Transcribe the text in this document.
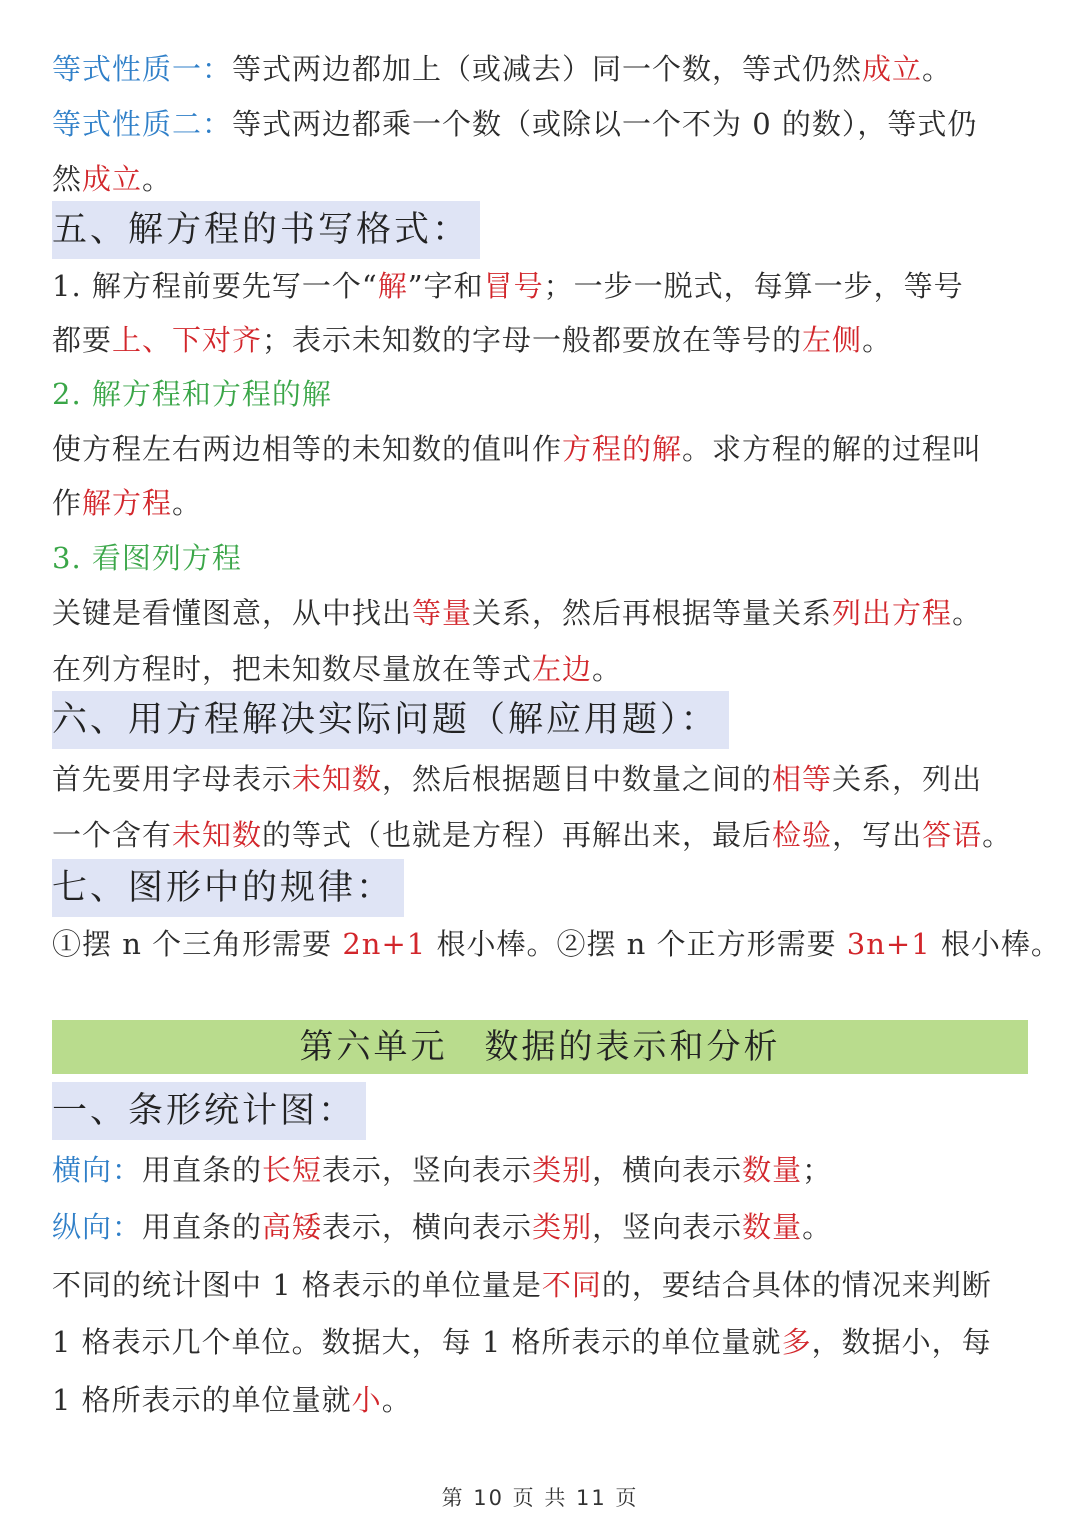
等式性质一：等式两边都加上（或减去）同一个数，等式仍然成立。
等式性质二：等式两边都乘一个数（或除以一个不为 0 的数），等式仍
然成立。
五、解方程的书写格式：
1. 解方程前要先写一个“解”字和冒号；一步一脱式，每算一步，等号
都要上、下对齐；表示未知数的字母一般都要放在等号的左侧。
2. 解方程和方程的解
使方程左右两边相等的未知数的值叫作方程的解。求方程的解的过程叫
作解方程。
3. 看图列方程
关键是看懂图意，从中找出等量关系，然后再根据等量关系列出方程。
在列方程时，把未知数尽量放在等式左边。
六、用方程解决实际问题（解应用题）：
首先要用字母表示未知数，然后根据题目中数量之间的相等关系，列出
一个含有未知数的等式（也就是方程）再解出来，最后检验，写出答语。
七、图形中的规律：
①摆 n 个三角形需要 2n+1 根小棒。②摆 n 个正方形需要 3n+1 根小棒。
第六单元　数据的表示和分析
一、条形统计图：
横向：用直条的长短表示，竖向表示类别，横向表示数量；
纵向：用直条的高矮表示，横向表示类别，竖向表示数量。
不同的统计图中 1 格表示的单位量是不同的，要结合具体的情况来判断
1 格表示几个单位。数据大，每 1 格所表示的单位量就多，数据小，每
1 格所表示的单位量就小。
第 10 页 共 11 页
